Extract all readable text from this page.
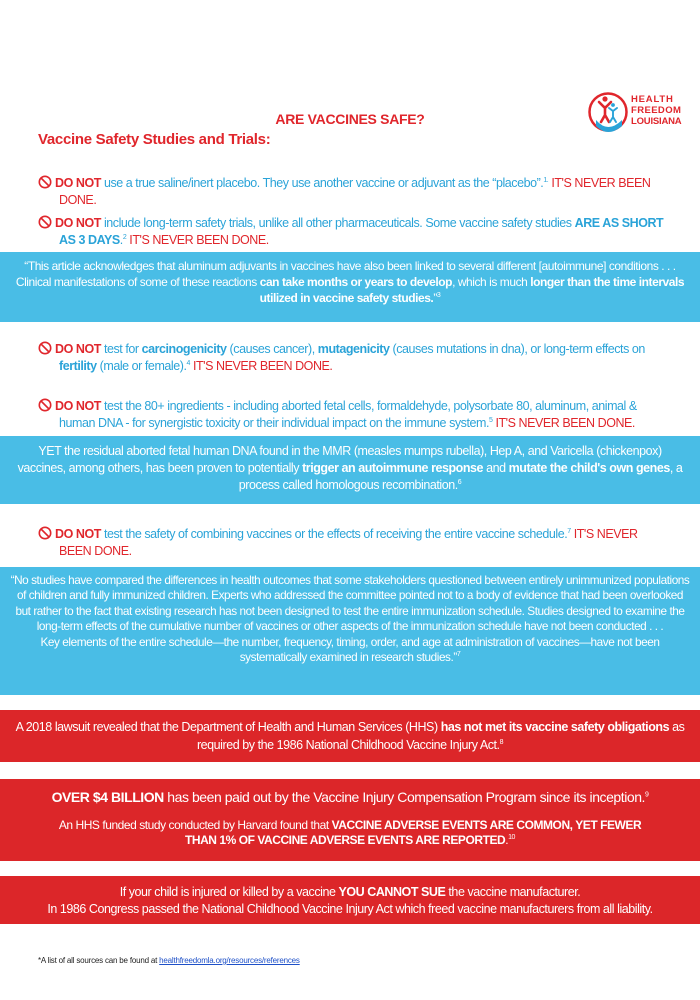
HEALTH
FREEDOM
LOUISIANA
ARE VACCINES SAFE?
Vaccine Safety Studies and Trials:
DO NOT use a true saline/inert placebo. They use another vaccine or adjuvant as the “placebo”.$^{1.}$ IT'S NEVER BEEN DONE.
DO NOT include long-term safety trials, unlike all other pharmaceuticals. Some vaccine safety studies ARE AS SHORT AS 3 DAYS.$^2$ IT'S NEVER BEEN DONE.
“This article acknowledges that aluminum adjuvants in vaccines have also been linked to several different [autoimmune] conditions . . . Clinical manifestations of some of these reactions can take months or years to develop, which is much longer than the time intervals utilized in vaccine safety studies.”$^3$
DO NOT test for carcinogenicity (causes cancer), mutagenicity (causes mutations in dna), or long-term effects on fertility (male or female).$^4$ IT'S NEVER BEEN DONE.
DO NOT test the 80+ ingredients - including aborted fetal cells, formaldehyde, polysorbate 80, aluminum, animal & human DNA - for synergistic toxicity or their individual impact on the immune system.$^5$ IT'S NEVER BEEN DONE.
YET the residual aborted fetal human DNA found in the MMR (measles mumps rubella), Hep A, and Varicella (chickenpox) vaccines, among others, has been proven to potentially trigger an autoimmune response and mutate the child's own genes, a process called homologous recombination.$^6$
DO NOT test the safety of combining vaccines or the effects of receiving the entire vaccine schedule.$^7$ IT'S NEVER BEEN DONE.
“No studies have compared the differences in health outcomes that some stakeholders questioned between entirely unimmunized populations of children and fully immunized children. Experts who addressed the committee pointed not to a body of evidence that had been overlooked but rather to the fact that existing research has not been designed to test the entire immunization schedule. Studies designed to examine the long-term effects of the cumulative number of vaccines or other aspects of the immunization schedule have not been conducted . . .
Key elements of the entire schedule—the number, frequency, timing, order, and age at administration of vaccines—have not been systematically examined in research studies.”$^7$
A 2018 lawsuit revealed that the Department of Health and Human Services (HHS) has not met its vaccine safety obligations as required by the 1986 National Childhood Vaccine Injury Act.$^8$
OVER $4 BILLION has been paid out by the Vaccine Injury Compensation Program since its inception.$^9$
An HHS funded study conducted by Harvard found that VACCINE ADVERSE EVENTS ARE COMMON, YET FEWER THAN 1% OF VACCINE ADVERSE EVENTS ARE REPORTED.$^{10}$
If your child is injured or killed by a vaccine YOU CANNOT SUE the vaccine manufacturer.
In 1986 Congress passed the National Childhood Vaccine Injury Act which freed vaccine manufacturers from all liability.
*A list of all sources can be found at healthfreedomla.org/resources/references
